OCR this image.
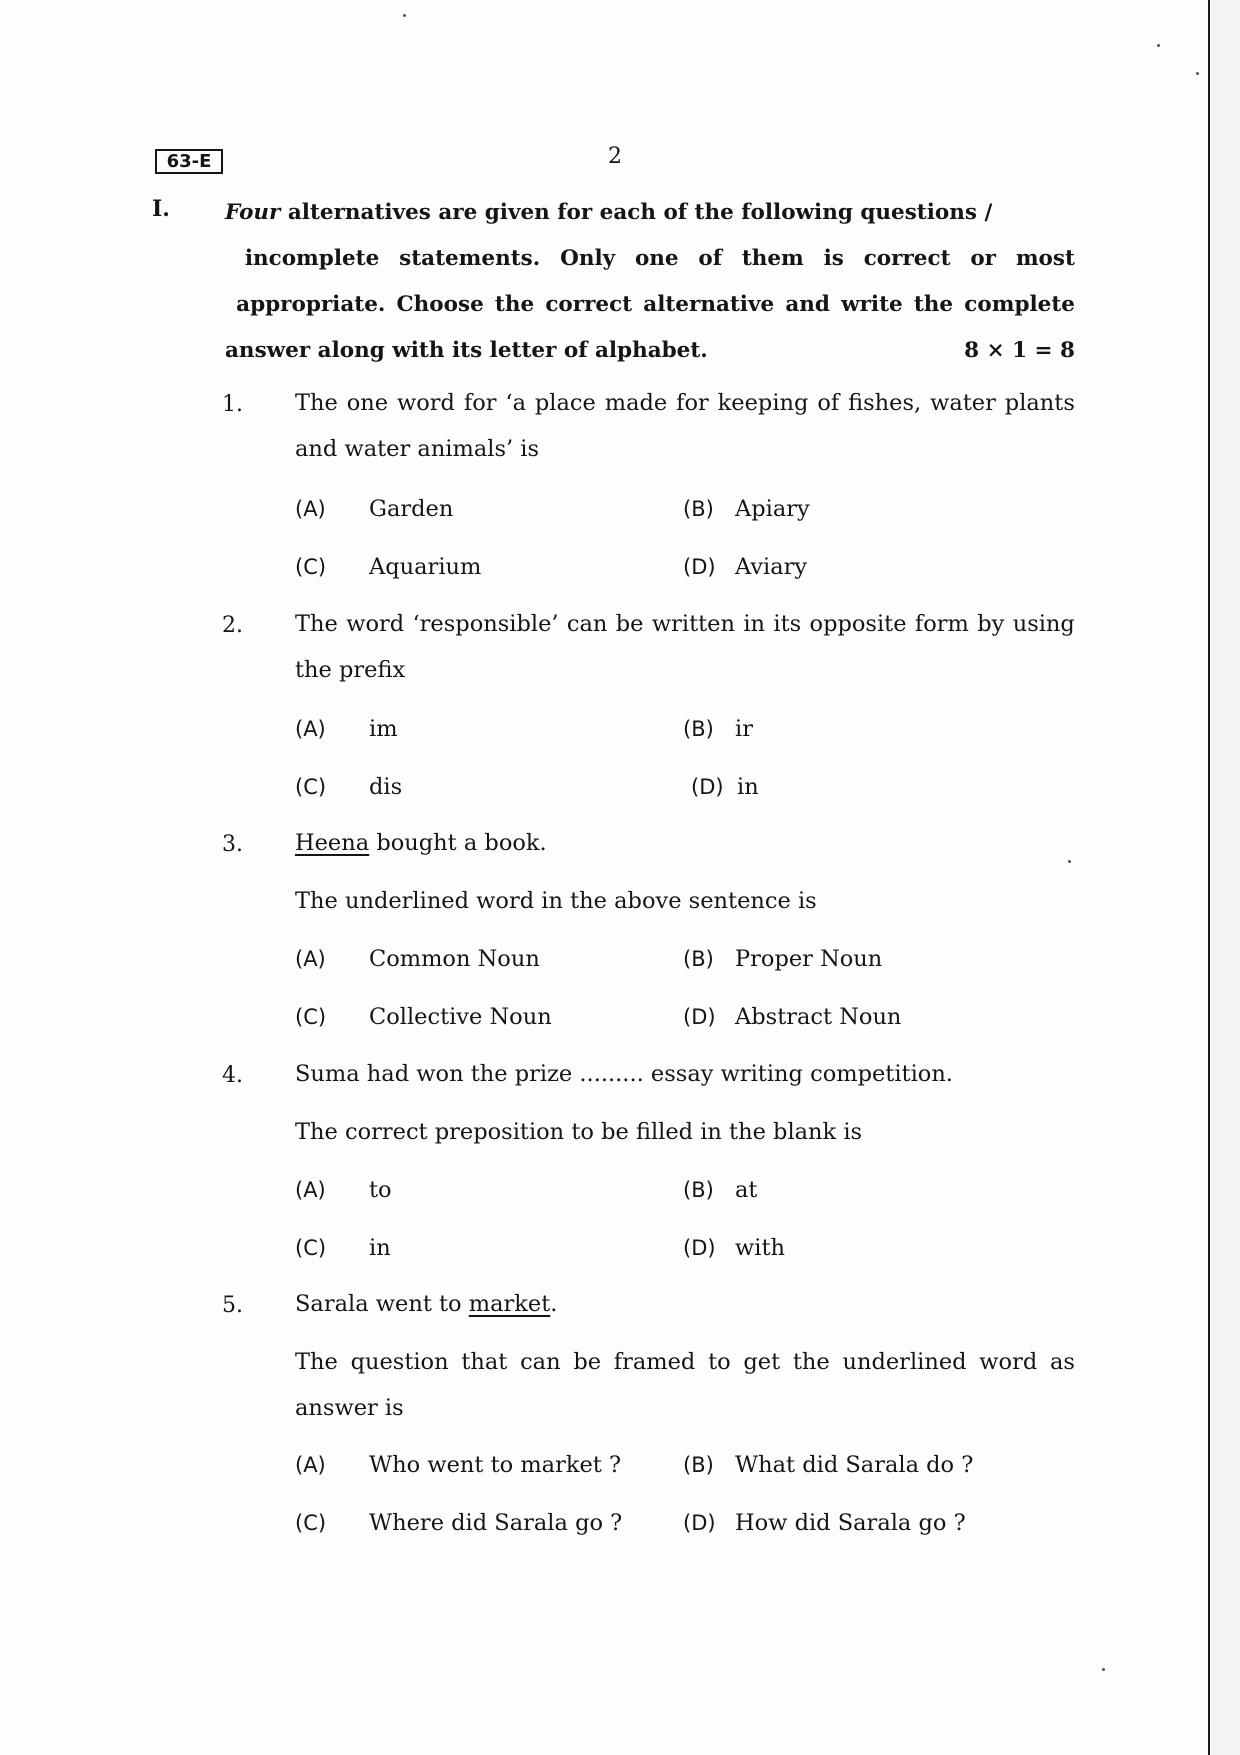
63-E	2
I.	Four alternatives are given for each of the following questions /
incomplete statements. Only one of them is correct or most
appropriate. Choose the correct alternative and write the complete
answer along with its letter of alphabet.	8 × 1 = 8
1. The one word for ‘a place made for keeping of fishes, water plants
and water animals’ is
(A) Garden	(B) Apiary
(C) Aquarium	(D) Aviary
2. The word ‘responsible’ can be written in its opposite form by using
the prefix
(A) im	(B) ir
(C) dis	(D) in
3. Heena bought a book.
The underlined word in the above sentence is
(A) Common Noun	(B) Proper Noun
(C) Collective Noun	(D) Abstract Noun
4. Suma had won the prize ......... essay writing competition.
The correct preposition to be filled in the blank is
(A) to	(B) at
(C) in	(D) with
5. Sarala went to market.
The question that can be framed to get the underlined word as
answer is
(A) Who went to market ?	(B) What did Sarala do ?
(C) Where did Sarala go ?	(D) How did Sarala go ?
